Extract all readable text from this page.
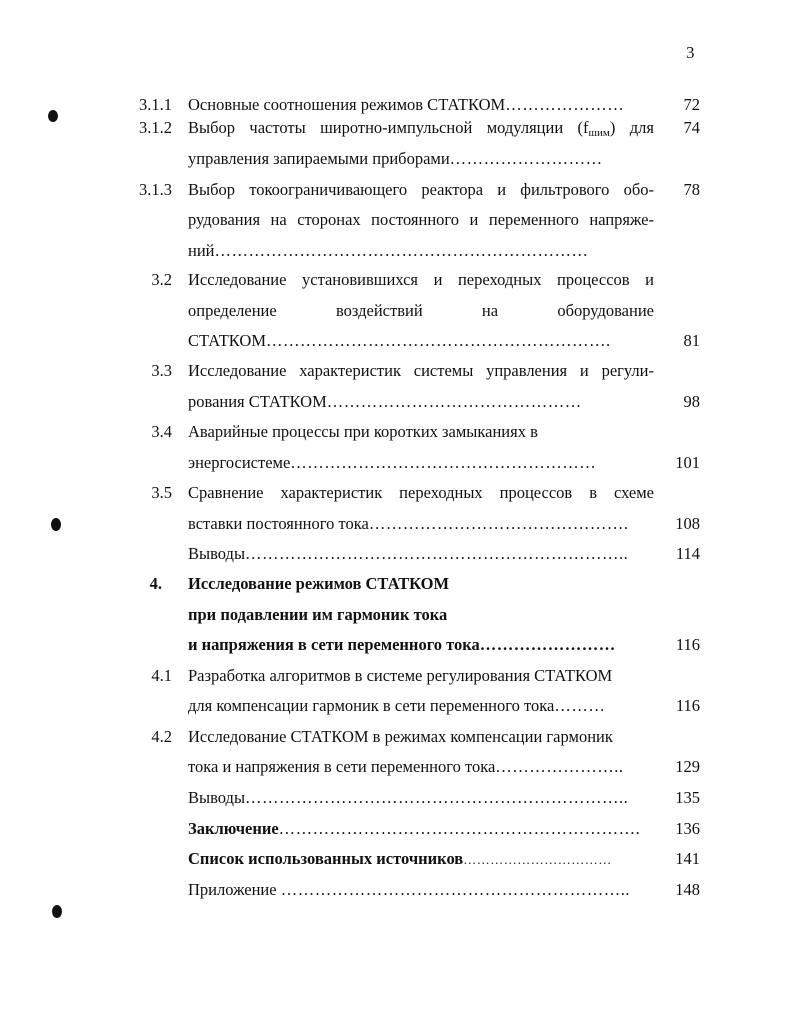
3
3.1.1 Основные соотношения режимов СТАТКОМ…………………	72
3.1.2 Выбор частоты широтно-импульсной модуляции $(f_{шим})$ для	74
управления запираемыми приборами………………………
3.1.3 Выбор токоограничивающего реактора и фильтрового обо-	78
рудования на сторонах постоянного и переменного напряже-
ний…………………………………………………………
3.2 Исследование установившихся и переходных процессов и
определение воздействий на оборудование
СТАТКОМ…………………………………………………….	81
3.3 Исследование характеристик системы управления и регули-
рования СТАТКОМ………………………………………	98
3.4 Аварийные процессы при коротких замыканиях в
энергосистеме………………………………………………	101
3.5 Сравнение характеристик переходных процессов в схеме
вставки постоянного тока……………………………………….	108
Выводы…………………………………………………………..	114
4. Исследование режимов СТАТКОМ
при подавлении им гармоник тока
и напряжения в сети переменного тока……………………	116
4.1 Разработка алгоритмов в системе регулирования СТАТКОМ
для компенсации гармоник в сети переменного тока………	116
4.2 Исследование СТАТКОМ в режимах компенсации гармоник
тока и напряжения в сети переменного тока…………………..	129
Выводы…………………………………………………………..	135
Заключение……………………………………………………….	136
Список использованных источников……………………………	141
Приложение ……………………………………………………..	148
